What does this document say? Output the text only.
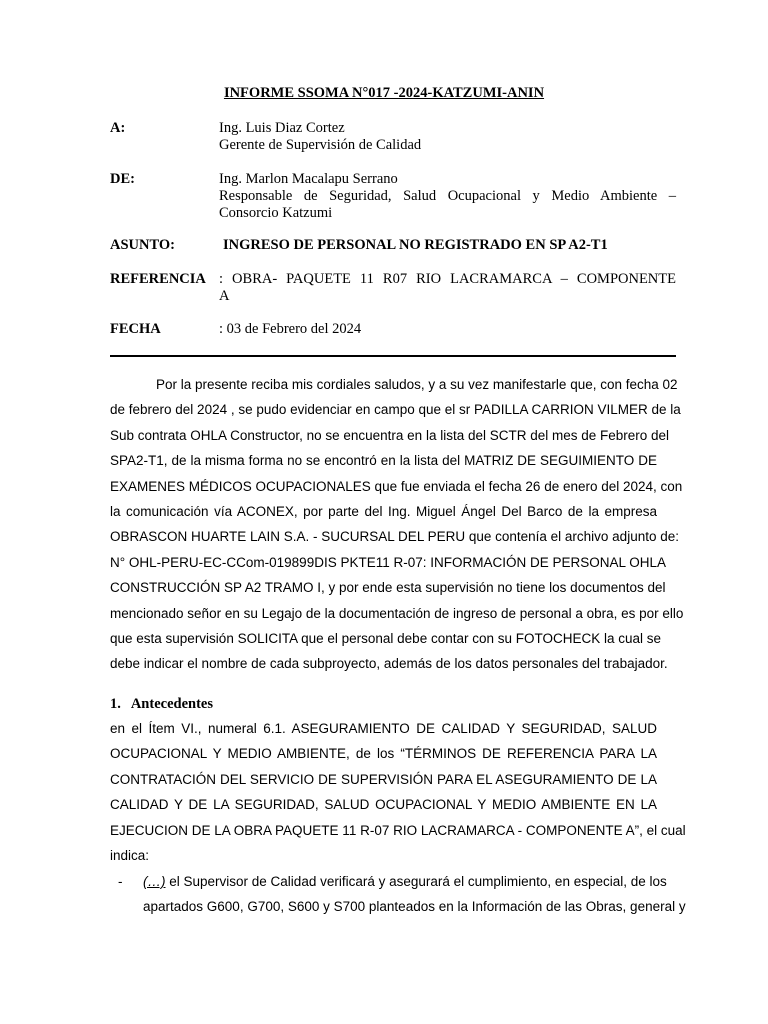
INFORME SSOMA N°017 -2024-KATZUMI-ANIN
A:	Ing. Luis Diaz Cortez
Gerente de Supervisión de Calidad
DE:	Ing. Marlon Macalapu Serrano
Responsable de Seguridad, Salud Ocupacional y Medio Ambiente –
Consorcio Katzumi
ASUNTO:	INGRESO DE PERSONAL NO REGISTRADO EN SP A2-T1
REFERENCIA : OBRA- PAQUETE 11 R07 RIO LACRAMARCA – COMPONENTE
A
FECHA	: 03 de Febrero del 2024
Por la presente reciba mis cordiales saludos, y a su vez manifestarle que, con fecha 02
de febrero del 2024 , se pudo evidenciar en campo que el sr PADILLA CARRION VILMER de la
Sub contrata OHLA Constructor, no se encuentra en la lista del SCTR del mes de Febrero del
SPA2-T1, de la misma forma no se encontró en la lista del MATRIZ DE SEGUIMIENTO DE
EXAMENES MÉDICOS OCUPACIONALES que fue enviada el fecha 26 de enero del 2024, con
la comunicación vía ACONEX, por parte del Ing. Miguel Ángel Del Barco de la empresa
OBRASCON HUARTE LAIN S.A. - SUCURSAL DEL PERU que contenía el archivo adjunto de:
N° OHL-PERU-EC-CCom-019899DIS PKTE11 R-07: INFORMACIÓN DE PERSONAL OHLA
CONSTRUCCIÓN SP A2 TRAMO I, y por ende esta supervisión no tiene los documentos del
mencionado señor en su Legajo de la documentación de ingreso de personal a obra, es por ello
que esta supervisión SOLICITA que el personal debe contar con su FOTOCHECK la cual se
debe indicar el nombre de cada subproyecto, además de los datos personales del trabajador.
1. Antecedentes
en el Ítem VI., numeral 6.1. ASEGURAMIENTO DE CALIDAD Y SEGURIDAD, SALUD
OCUPACIONAL Y MEDIO AMBIENTE, de los “TÉRMINOS DE REFERENCIA PARA LA
CONTRATACIÓN DEL SERVICIO DE SUPERVISIÓN PARA EL ASEGURAMIENTO DE LA
CALIDAD Y DE LA SEGURIDAD, SALUD OCUPACIONAL Y MEDIO AMBIENTE EN LA
EJECUCION DE LA OBRA PAQUETE 11 R-07 RIO LACRAMARCA - COMPONENTE A”, el cual
indica:
- (…) el Supervisor de Calidad verificará y asegurará el cumplimiento, en especial, de los
apartados G600, G700, S600 y S700 planteados en la Información de las Obras, general y
